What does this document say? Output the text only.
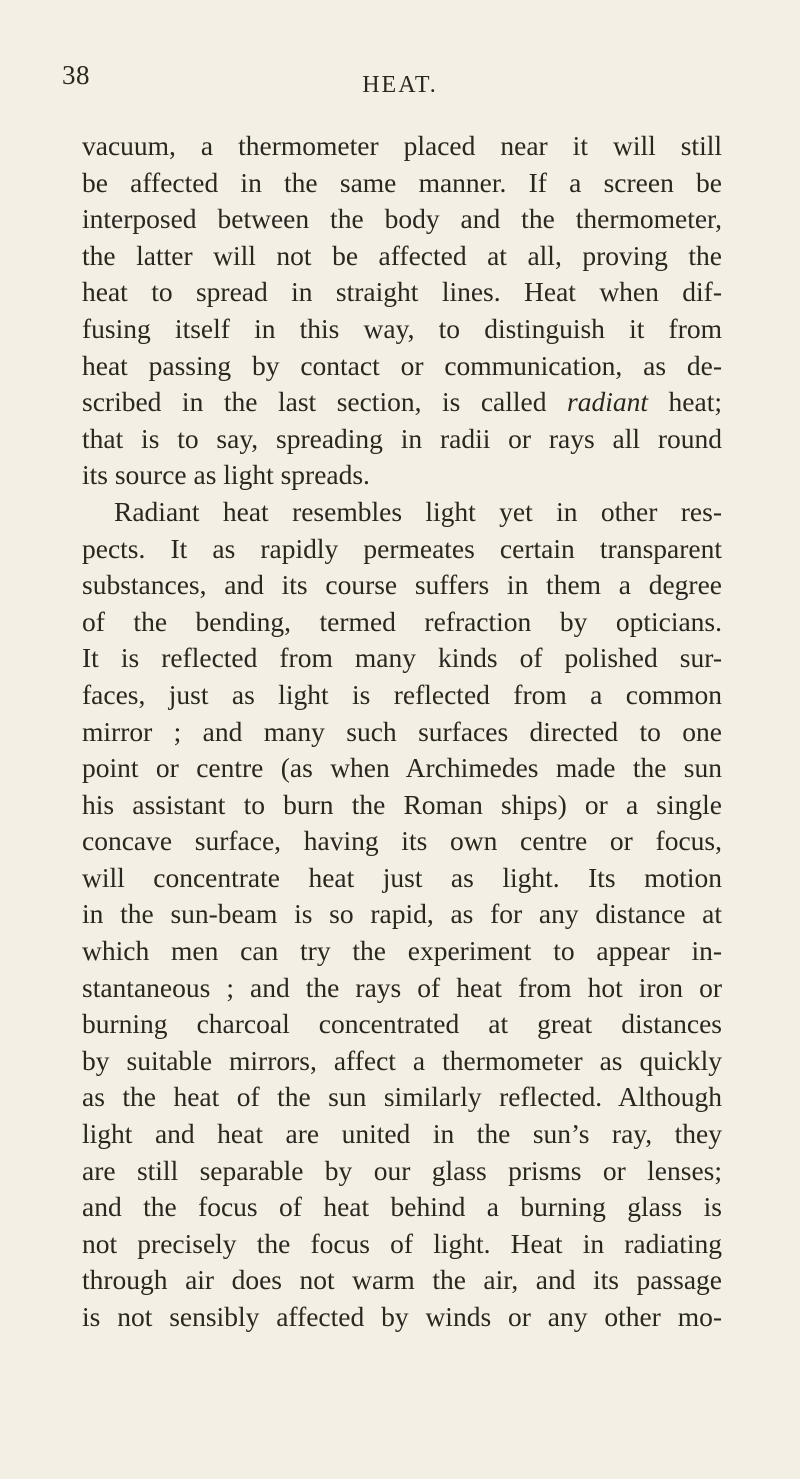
38	HEAT.
vacuum, a thermometer placed near it will still
be affected in the same manner. If a screen be
interposed between the body and the thermometer,
the latter will not be affected at all, proving the
heat to spread in straight lines. Heat when dif-
fusing itself in this way, to distinguish it from
heat passing by contact or communication, as de-
scribed in the last section, is called radiant heat;
that is to say, spreading in radii or rays all round
its source as light spreads.
Radiant heat resembles light yet in other res-
pects. It as rapidly permeates certain transparent
substances, and its course suffers in them a degree
of the bending, termed refraction by opticians.
It is reflected from many kinds of polished sur-
faces, just as light is reflected from a common
mirror ; and many such surfaces directed to one
point or centre (as when Archimedes made the sun
his assistant to burn the Roman ships) or a single
concave surface, having its own centre or focus,
will concentrate heat just as light. Its motion
in the sun-beam is so rapid, as for any distance at
which men can try the experiment to appear in-
stantaneous ; and the rays of heat from hot iron or
burning charcoal concentrated at great distances
by suitable mirrors, affect a thermometer as quickly
as the heat of the sun similarly reflected. Although
light and heat are united in the sun’s ray, they
are still separable by our glass prisms or lenses;
and the focus of heat behind a burning glass is
not precisely the focus of light. Heat in radiating
through air does not warm the air, and its passage
is not sensibly affected by winds or any other mo-
